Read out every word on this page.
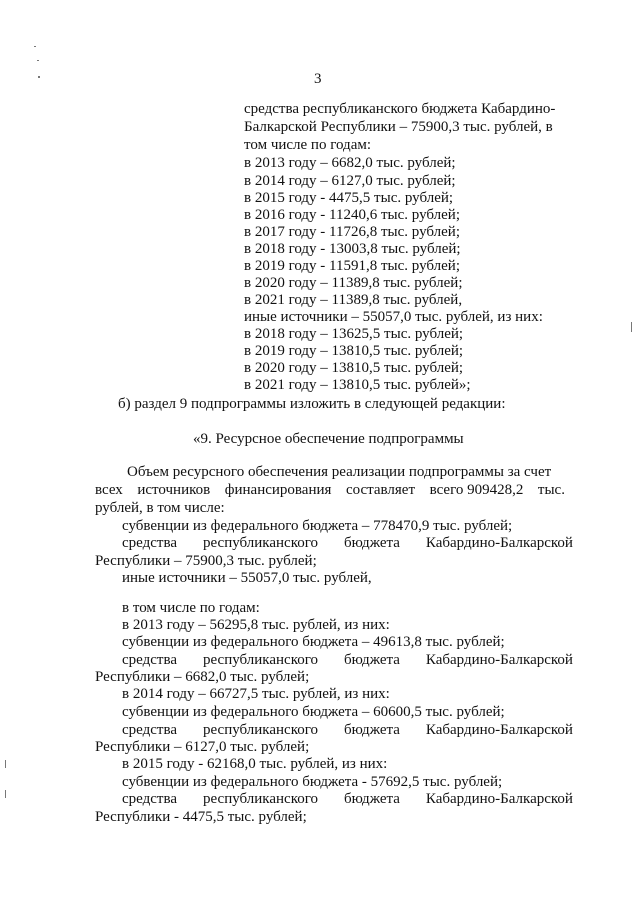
3
средства республиканского бюджета Кабардино-
Балкарской Республики – 75900,3 тыс. рублей, в
том числе по годам:
в 2013 году – 6682,0 тыс. рублей;
в 2014 году – 6127,0 тыс. рублей;
в 2015 году - 4475,5 тыс. рублей;
в 2016 году - 11240,6 тыс. рублей;
в 2017 году - 11726,8 тыс. рублей;
в 2018 году - 13003,8 тыс. рублей;
в 2019 году - 11591,8 тыс. рублей;
в 2020 году – 11389,8 тыс. рублей;
в 2021 году – 11389,8 тыс. рублей,
иные источники – 55057,0 тыс. рублей, из них:
в 2018 году – 13625,5 тыс. рублей;
в 2019 году – 13810,5 тыс. рублей;
в 2020 году – 13810,5 тыс. рублей;
в 2021 году – 13810,5 тыс. рублей»;
б) раздел 9 подпрограммы изложить в следующей редакции:
«9. Ресурсное обеспечение подпрограммы
Объем ресурсного обеспечения реализации подпрограммы за счет
всех источников финансирования составляет всего 909428,2 тыс.
рублей, в том числе:
субвенции из федерального бюджета – 778470,9 тыс. рублей;
средства республиканского бюджета Кабардино-Балкарской
Республики – 75900,3 тыс. рублей;
иные источники – 55057,0 тыс. рублей,
в том числе по годам:
в 2013 году – 56295,8 тыс. рублей, из них:
субвенции из федерального бюджета – 49613,8 тыс. рублей;
средства республиканского бюджета Кабардино-Балкарской
Республики – 6682,0 тыс. рублей;
в 2014 году – 66727,5 тыс. рублей, из них:
субвенции из федерального бюджета – 60600,5 тыс. рублей;
средства республиканского бюджета Кабардино-Балкарской
Республики – 6127,0 тыс. рублей;
в 2015 году - 62168,0 тыс. рублей, из них:
субвенции из федерального бюджета - 57692,5 тыс. рублей;
средства республиканского бюджета Кабардино-Балкарской
Республики - 4475,5 тыс. рублей;
